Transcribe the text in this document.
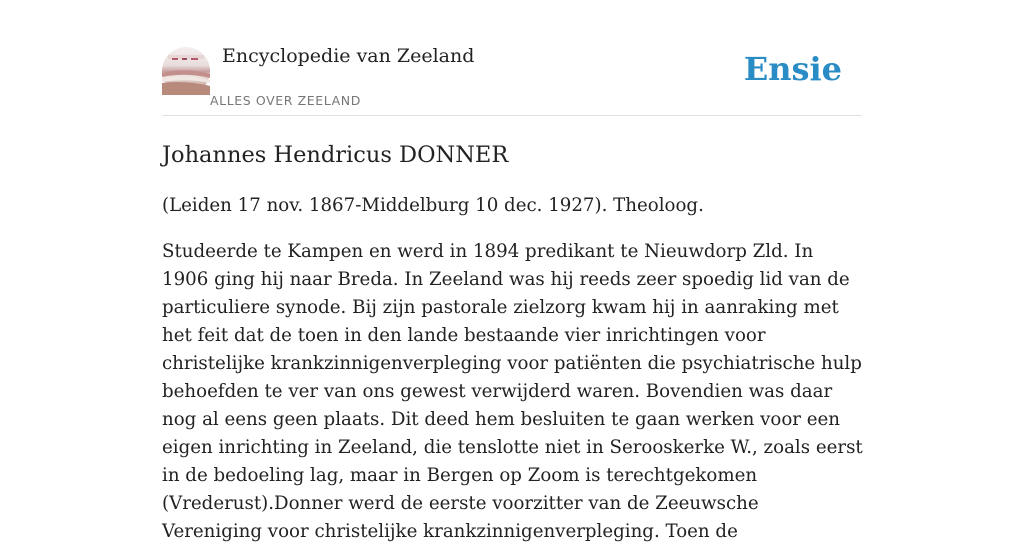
Encyclopedie van Zeeland
ALLES OVER ZEELAND
Ensie
Johannes Hendricus DONNER

(Leiden 17 nov. 1867-Middelburg 10 dec. 1927). Theoloog.

Studeerde te Kampen en werd in 1894 predikant te Nieuwdorp Zld. In 1906 ging hij naar Breda. In Zeeland was hij reeds zeer spoedig lid van de particuliere synode. Bij zijn pastorale zielzorg kwam hij in aanraking met het feit dat de toen in den lande bestaande vier inrichtingen voor christelijke krankzinnigenverpleging voor patiënten die psychiatrische hulp behoefden te ver van ons gewest verwijderd waren. Bovendien was daar nog al eens geen plaats. Dit deed hem besluiten te gaan werken voor een eigen inrichting in Zeeland, die tenslotte niet in Serooskerke W., zoals eerst in de bedoeling lag, maar in Bergen op Zoom is terechtgekomen (Vrederust).Donner werd de eerste voorzitter van de Zeeuwsche Vereniging voor christelijke krankzinnigenverpleging. Toen de
